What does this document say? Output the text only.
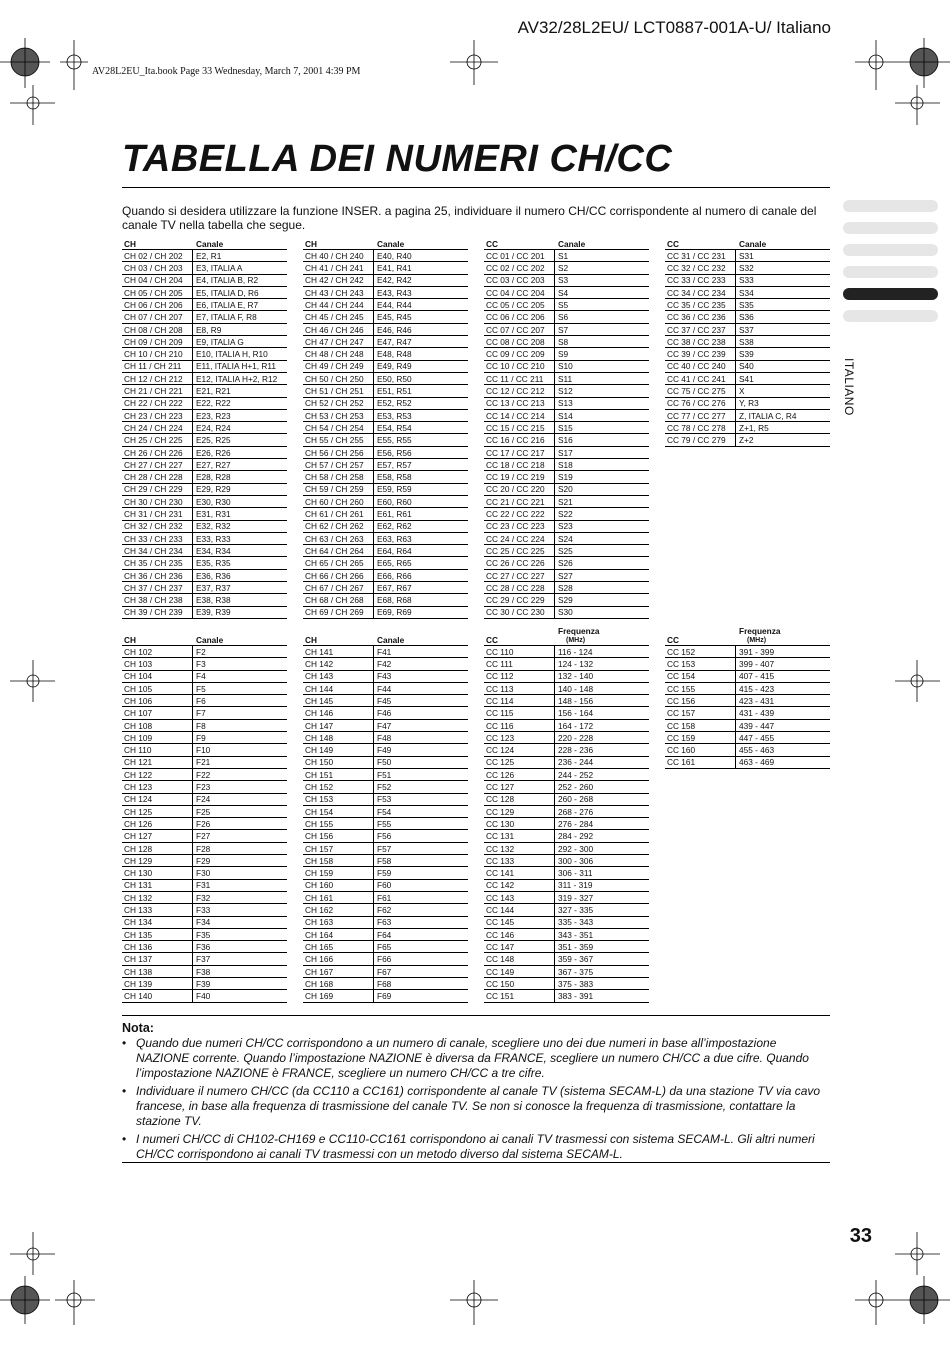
AV32/28L2EU/ LCT0887-001A-U/ Italiano
AV28L2EU_Ita.book Page 33 Wednesday, March 7, 2001 4:39 PM
TABELLA DEI NUMERI CH/CC
Quando si desidera utilizzare la funzione INSER. a pagina 25, individuare il numero CH/CC corrispondente al numero di canale del canale TV nella tabella che segue.
ITALIANO
CH	Canale
CH 02 / CH 202	E2, R1
CH 03 / CH 203	E3, ITALIA A
CH 04 / CH 204	E4, ITALIA B, R2
CH 05 / CH 205	E5, ITALIA D, R6
CH 06 / CH 206	E6, ITALIA E, R7
CH 07 / CH 207	E7, ITALIA F, R8
CH 08 / CH 208	E8, R9
CH 09 / CH 209	E9, ITALIA G
CH 10 / CH 210	E10, ITALIA H, R10
CH 11 / CH 211	E11, ITALIA H+1, R11
CH 12 / CH 212	E12, ITALIA H+2, R12
CH 21 / CH 221	E21, R21
CH 22 / CH 222	E22, R22
CH 23 / CH 223	E23, R23
CH 24 / CH 224	E24, R24
CH 25 / CH 225	E25, R25
CH 26 / CH 226	E26, R26
CH 27 / CH 227	E27, R27
CH 28 / CH 228	E28, R28
CH 29 / CH 229	E29, R29
CH 30 / CH 230	E30, R30
CH 31 / CH 231	E31, R31
CH 32 / CH 232	E32, R32
CH 33 / CH 233	E33, R33
CH 34 / CH 234	E34, R34
CH 35 / CH 235	E35, R35
CH 36 / CH 236	E36, R36
CH 37 / CH 237	E37, R37
CH 38 / CH 238	E38, R38
CH 39 / CH 239	E39, R39
CH	Canale
CH 40 / CH 240	E40, R40
CH 41 / CH 241	E41, R41
CH 42 / CH 242	E42, R42
CH 43 / CH 243	E43, R43
CH 44 / CH 244	E44, R44
CH 45 / CH 245	E45, R45
CH 46 / CH 246	E46, R46
CH 47 / CH 247	E47, R47
CH 48 / CH 248	E48, R48
CH 49 / CH 249	E49, R49
CH 50 / CH 250	E50, R50
CH 51 / CH 251	E51, R51
CH 52 / CH 252	E52, R52
CH 53 / CH 253	E53, R53
CH 54 / CH 254	E54, R54
CH 55 / CH 255	E55, R55
CH 56 / CH 256	E56, R56
CH 57 / CH 257	E57, R57
CH 58 / CH 258	E58, R58
CH 59 / CH 259	E59, R59
CH 60 / CH 260	E60, R60
CH 61 / CH 261	E61, R61
CH 62 / CH 262	E62, R62
CH 63 / CH 263	E63, R63
CH 64 / CH 264	E64, R64
CH 65 / CH 265	E65, R65
CH 66 / CH 266	E66, R66
CH 67 / CH 267	E67, R67
CH 68 / CH 268	E68, R68
CH 69 / CH 269	E69, R69
CC	Canale
CC 01 / CC 201	S1
CC 02 / CC 202	S2
CC 03 / CC 203	S3
CC 04 / CC 204	S4
CC 05 / CC 205	S5
CC 06 / CC 206	S6
CC 07 / CC 207	S7
CC 08 / CC 208	S8
CC 09 / CC 209	S9
CC 10 / CC 210	S10
CC 11 / CC 211	S11
CC 12 / CC 212	S12
CC 13 / CC 213	S13
CC 14 / CC 214	S14
CC 15 / CC 215	S15
CC 16 / CC 216	S16
CC 17 / CC 217	S17
CC 18 / CC 218	S18
CC 19 / CC 219	S19
CC 20 / CC 220	S20
CC 21 / CC 221	S21
CC 22 / CC 222	S22
CC 23 / CC 223	S23
CC 24 / CC 224	S24
CC 25 / CC 225	S25
CC 26 / CC 226	S26
CC 27 / CC 227	S27
CC 28 / CC 228	S28
CC 29 / CC 229	S29
CC 30 / CC 230	S30
CC	Canale
CC 31 / CC 231	S31
CC 32 / CC 232	S32
CC 33 / CC 233	S33
CC 34 / CC 234	S34
CC 35 / CC 235	S35
CC 36 / CC 236	S36
CC 37 / CC 237	S37
CC 38 / CC 238	S38
CC 39 / CC 239	S39
CC 40 / CC 240	S40
CC 41 / CC 241	S41
CC 75 / CC 275	X
CC 76 / CC 276	Y, R3
CC 77 / CC 277	Z, ITALIA C, R4
CC 78 / CC 278	Z+1, R5
CC 79 / CC 279	Z+2
CH	Canale
CH 102	F2
CH 103	F3
CH 104	F4
CH 105	F5
CH 106	F6
CH 107	F7
CH 108	F8
CH 109	F9
CH 110	F10
CH 121	F21
CH 122	F22
CH 123	F23
CH 124	F24
CH 125	F25
CH 126	F26
CH 127	F27
CH 128	F28
CH 129	F29
CH 130	F30
CH 131	F31
CH 132	F32
CH 133	F33
CH 134	F34
CH 135	F35
CH 136	F36
CH 137	F37
CH 138	F38
CH 139	F39
CH 140	F40
CH	Canale
CH 141	F41
CH 142	F42
CH 143	F43
CH 144	F44
CH 145	F45
CH 146	F46
CH 147	F47
CH 148	F48
CH 149	F49
CH 150	F50
CH 151	F51
CH 152	F52
CH 153	F53
CH 154	F54
CH 155	F55
CH 156	F56
CH 157	F57
CH 158	F58
CH 159	F59
CH 160	F60
CH 161	F61
CH 162	F62
CH 163	F63
CH 164	F64
CH 165	F65
CH 166	F66
CH 167	F67
CH 168	F68
CH 169	F69
CC
Frequenza
(MHz)
CC 110	116 - 124
CC 111	124 - 132
CC 112	132 - 140
CC 113	140 - 148
CC 114	148 - 156
CC 115	156 - 164
CC 116	164 - 172
CC 123	220 - 228
CC 124	228 - 236
CC 125	236 - 244
CC 126	244 - 252
CC 127	252 - 260
CC 128	260 - 268
CC 129	268 - 276
CC 130	276 - 284
CC 131	284 - 292
CC 132	292 - 300
CC 133	300 - 306
CC 141	306 - 311
CC 142	311 - 319
CC 143	319 - 327
CC 144	327 - 335
CC 145	335 - 343
CC 146	343 - 351
CC 147	351 - 359
CC 148	359 - 367
CC 149	367 - 375
CC 150	375 - 383
CC 151	383 - 391
CC
Frequenza
(MHz)
CC 152	391 - 399
CC 153	399 - 407
CC 154	407 - 415
CC 155	415 - 423
CC 156	423 - 431
CC 157	431 - 439
CC 158	439 - 447
CC 159	447 - 455
CC 160	455 - 463
CC 161	463 - 469
Nota:
• Quando due numeri CH/CC corrispondono a un numero di canale, scegliere uno dei due numeri in base all’impostazione NAZIONE corrente. Quando l’impostazione NAZIONE è diversa da FRANCE, scegliere un numero CH/CC a due cifre. Quando l’impostazione NAZIONE è FRANCE, scegliere un numero CH/CC a tre cifre.
• Individuare il numero CH/CC (da CC110 a CC161) corrispondente al canale TV (sistema SECAM-L) da una stazione TV via cavo francese, in base alla frequenza di trasmissione del canale TV. Se non si conosce la frequenza di trasmissione, contattare la stazione TV.
• I numeri CH/CC di CH102-CH169 e CC110-CC161 corrispondono ai canali TV trasmessi con sistema SECAM-L. Gli altri numeri CH/CC corrispondono ai canali TV trasmessi con un metodo diverso dal sistema SECAM-L.
33
